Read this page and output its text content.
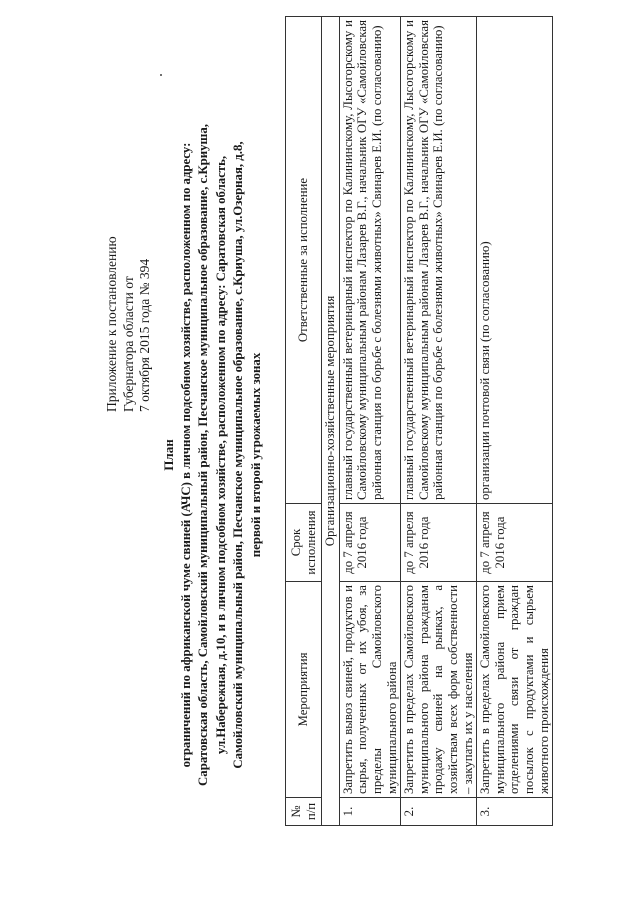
Приложение к постановлению Губернатора области от 7 октября 2015 года № 394
План ограничений по африканской чуме свиней (АЧС) в личном подсобном хозяйстве, расположенном по адресу: Саратовская область, Самойловский муниципальный район, Песчанское муниципальное образование, с.Криуша, ул.Набережная, д.10, и в личном подсобном хозяйстве, расположенном по адресу: Саратовская область, Самойловский муниципальный район, Песчанское муниципальное образование, с.Криуша, ул.Озерная, д.8, первой и второй угрожаемых зонах
№ п/п	Мероприятия	Срок исполнения	Ответственные за исполнение
Организационно-хозяйственные мероприятия			
1.	Запретить вывоз свиней, продуктов и сырья, полученных от их убоя, за пределы Самойловского муниципального района	до 7 апреля 2016 года	главный государственный ветеринарный инспектор по Калининскому, Лысогорскому и Самойловскому муниципальным районам Лазарев В.Г., начальник ОГУ «Самойловская районная станция по борьбе с болезнями животных» Свинарев Е.И. (по согласованию)
2.	Запретить в пределах Самойловского муниципального района гражданам продажу свиней на рынках, а хозяйствам всех форм собственности – закупать их у населения	до 7 апреля 2016 года	главный государственный ветеринарный инспектор по Калининскому, Лысогорскому и Самойловскому муниципальным районам Лазарев В.Г., начальник ОГУ «Самойловская районная станция по борьбе с болезнями животных» Свинарев Е.И. (по согласованию)
3.	Запретить в пределах Самойловского муниципального района прием отделениями связи от граждан посылок с продуктами и сырьем животного происхождения	до 7 апреля 2016 года	организации почтовой связи (по согласованию)
